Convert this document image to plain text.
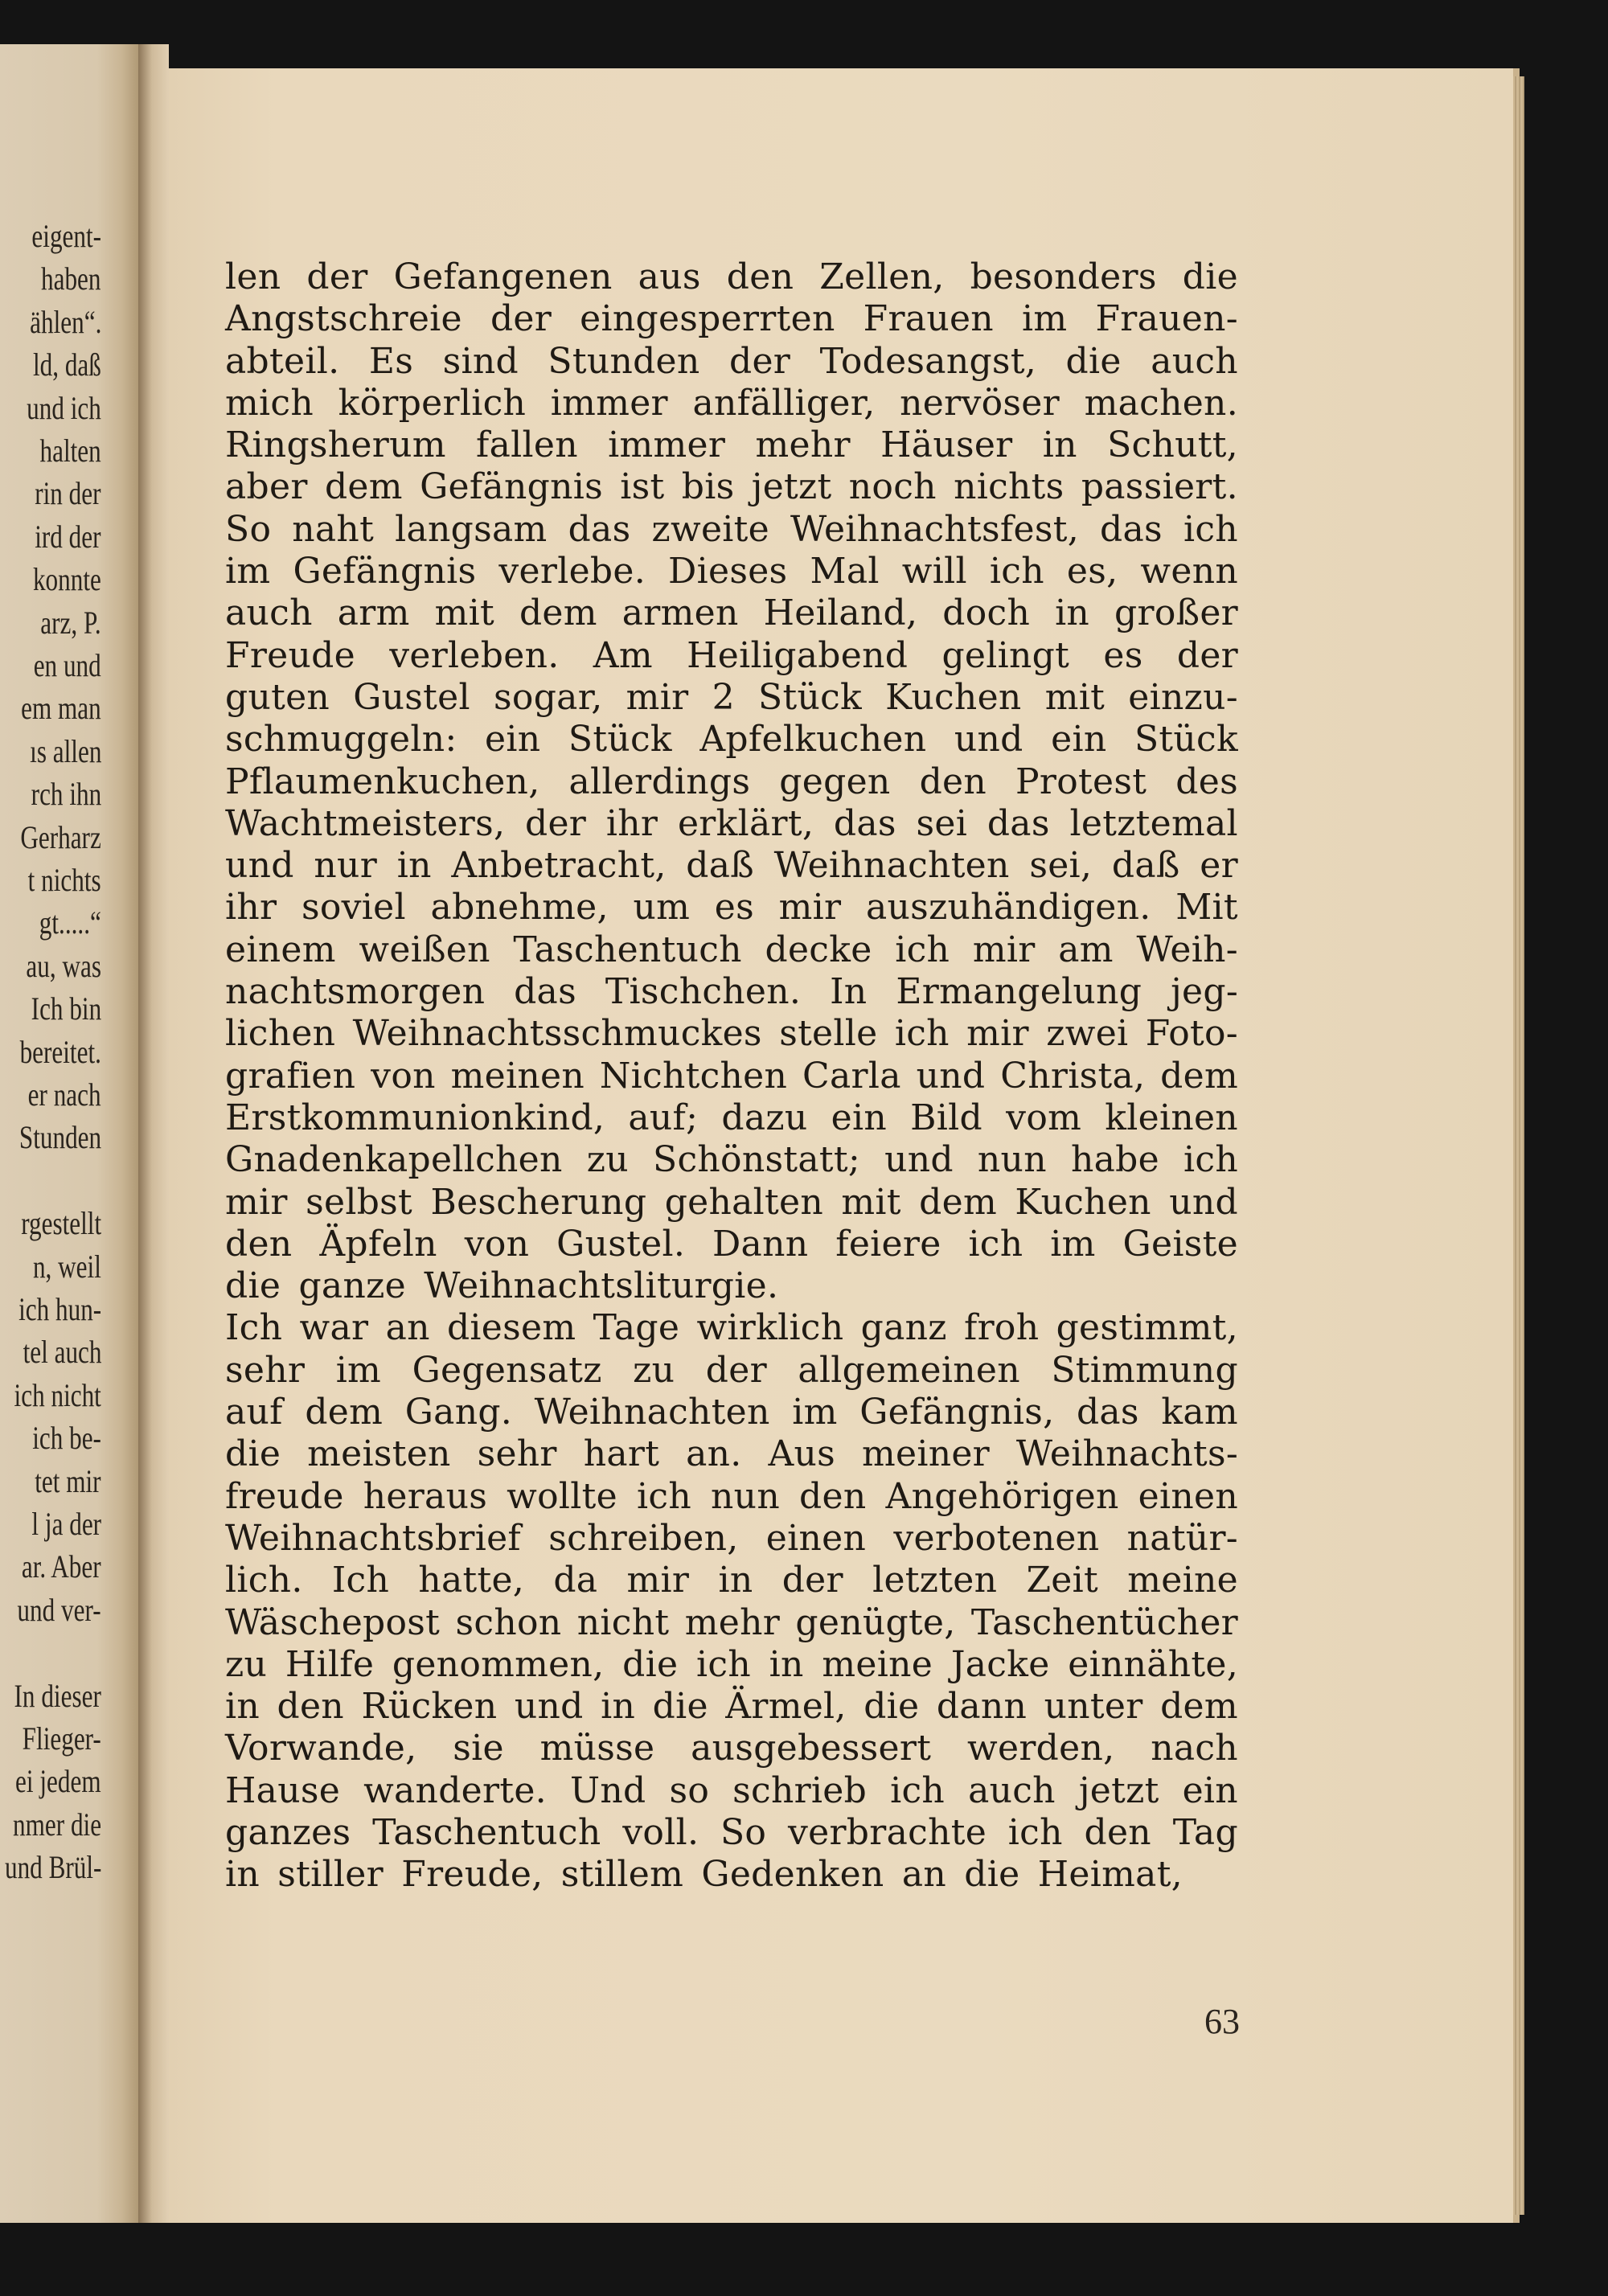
eigent-
haben
ählen“.
ld, daß
und ich
halten
rin der
ird der
konnte
arz, P.
en und
em man
ıs allen
rch ihn
Gerharz
t nichts
gt.....“
au, was
Ich bin
bereitet.
er nach
Stunden
rgestellt
n, weil
ich hun-
tel auch
ich nicht
ich be-
tet mir
l ja der
ar. Aber
und ver-
In dieser
Flieger-
ei jedem
nmer die
und Brül-
len der Gefangenen aus den Zellen, besonders die
Angstschreie der eingesperrten Frauen im Frauen-
abteil. Es sind Stunden der Todesangst, die auch
mich körperlich immer anfälliger, nervöser machen.
Ringsherum fallen immer mehr Häuser in Schutt,
aber dem Gefängnis ist bis jetzt noch nichts passiert.
So naht langsam das zweite Weihnachtsfest, das ich
im Gefängnis verlebe. Dieses Mal will ich es, wenn
auch arm mit dem armen Heiland, doch in großer
Freude verleben. Am Heiligabend gelingt es der
guten Gustel sogar, mir 2 Stück Kuchen mit einzu-
schmuggeln: ein Stück Apfelkuchen und ein Stück
Pflaumenkuchen, allerdings gegen den Protest des
Wachtmeisters, der ihr erklärt, das sei das letztemal
und nur in Anbetracht, daß Weihnachten sei, daß er
ihr soviel abnehme, um es mir auszuhändigen. Mit
einem weißen Taschentuch decke ich mir am Weih-
nachtsmorgen das Tischchen. In Ermangelung jeg-
lichen Weihnachtsschmuckes stelle ich mir zwei Foto-
grafien von meinen Nichtchen Carla und Christa, dem
Erstkommunionkind, auf; dazu ein Bild vom kleinen
Gnadenkapellchen zu Schönstatt; und nun habe ich
mir selbst Bescherung gehalten mit dem Kuchen und
den Äpfeln von Gustel. Dann feiere ich im Geiste
die ganze Weihnachtsliturgie.
Ich war an diesem Tage wirklich ganz froh gestimmt,
sehr im Gegensatz zu der allgemeinen Stimmung
auf dem Gang. Weihnachten im Gefängnis, das kam
die meisten sehr hart an. Aus meiner Weihnachts-
freude heraus wollte ich nun den Angehörigen einen
Weihnachtsbrief schreiben, einen verbotenen natür-
lich. Ich hatte, da mir in der letzten Zeit meine
Wäschepost schon nicht mehr genügte, Taschentücher
zu Hilfe genommen, die ich in meine Jacke einnähte,
in den Rücken und in die Ärmel, die dann unter dem
Vorwande, sie müsse ausgebessert werden, nach
Hause wanderte. Und so schrieb ich auch jetzt ein
ganzes Taschentuch voll. So verbrachte ich den Tag
in stiller Freude, stillem Gedenken an die Heimat,
63
